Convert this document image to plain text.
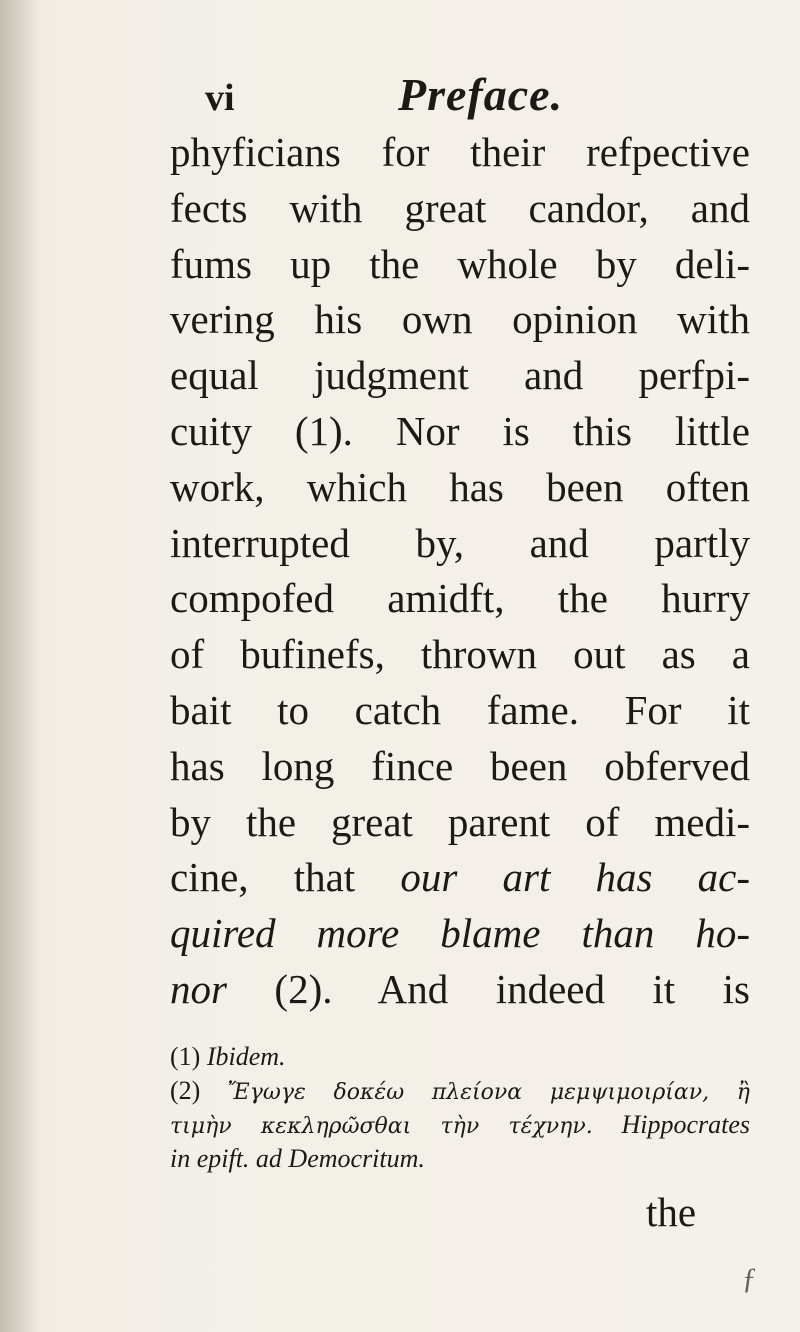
vi	Preface.
phyficians for their refpective
fects with great candor, and
fums up the whole by deli-
vering his own opinion with
equal judgment and perfpi-
cuity (1). Nor is this little
work, which has been often
interrupted by, and partly
compofed amidft, the hurry
of bufinefs, thrown out as a
bait to catch fame. For it
has long fince been obferved
by the great parent of medi-
cine, that our art has ac-
quired more blame than ho-
nor (2). And indeed it is
(1) Ibidem.
(2) Ἔγωγε δοκέω πλείονα μεμψιμοιρίαν, ἢ
τιμὴν κεκληρῶσθαι τὴν τέχνην. Hippocrates
in epift. ad Democritum.
the
ƒ
